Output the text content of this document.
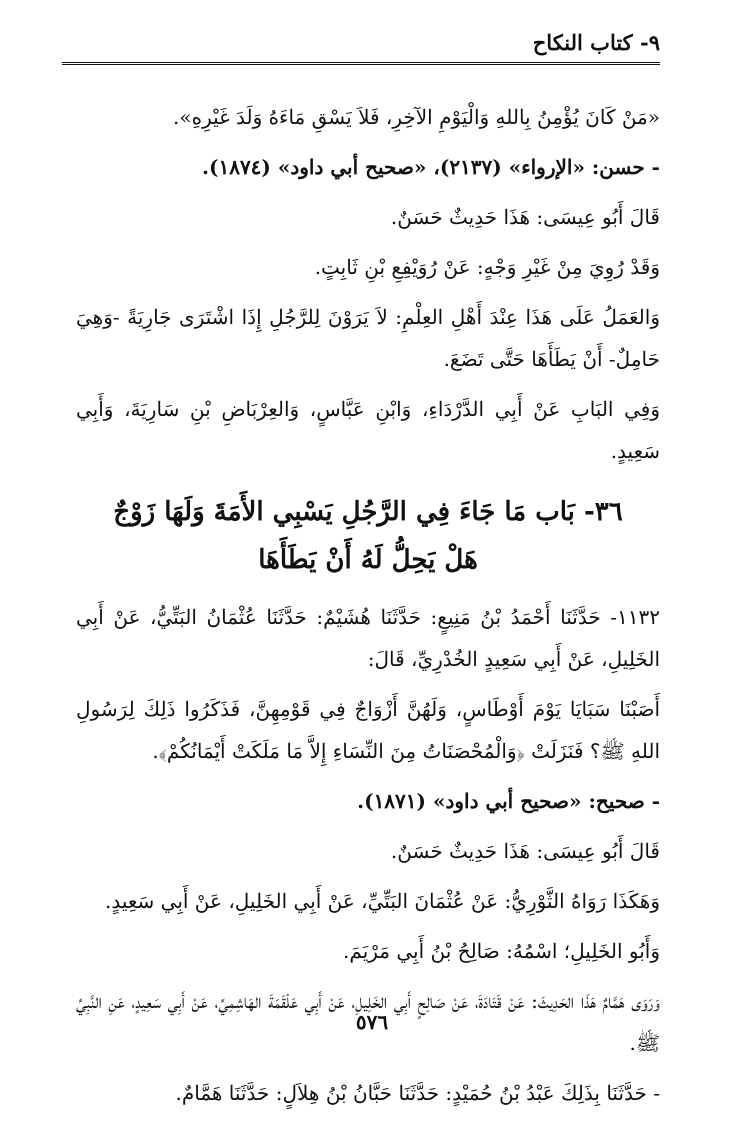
٩- كتاب النكاح

«مَنْ كَانَ يُؤْمِنُ بِاللهِ وَالْيَوْمِ الآخِرِ، فَلاَ يَسْقِ مَاءَهُ وَلَدَ غَيْرِهِ».

- حسن: «الإرواء» (٢١٣٧)، «صحيح أبي داود» (١٨٧٤).

قَالَ أَبُو عِيسَى: هَذَا حَدِيثٌ حَسَنٌ.

وَقَدْ رُوِيَ مِنْ غَيْرِ وَجْهٍ: عَنْ رُوَيْفِعِ بْنِ ثَابِتٍ.

وَالعَمَلُ عَلَى هَذَا عِنْدَ أَهْلِ العِلْمِ: لاَ يَرَوْنَ لِلرَّجُلِ إِذَا اشْتَرَى جَارِيَةً -وَهِيَ حَامِلٌ- أَنْ يَطَأَهَا حَتَّى تَضَعَ.

وَفِي البَابِ عَنْ أَبِي الدَّرْدَاءِ، وَابْنِ عَبَّاسٍ، وَالعِرْبَاضِ بْنِ سَارِيَةَ، وَأَبِي سَعِيدٍ.

٣٦- بَاب مَا جَاءَ فِي الرَّجُلِ يَسْبِي الأَمَةَ وَلَهَا زَوْجٌ
هَلْ يَحِلُّ لَهُ أَنْ يَطَأَهَا

١١٣٢- حَدَّثَنَا أَحْمَدُ بْنُ مَنِيعٍ: حَدَّثَنَا هُشَيْمٌ: حَدَّثَنَا عُثْمَانُ البَتِّيُّ، عَنْ أَبِي الخَلِيلِ، عَنْ أَبِي سَعِيدٍ الخُدْرِيِّ، قَالَ:

أَصَبْنَا سَبَايَا يَوْمَ أَوْطَاسٍ، وَلَهُنَّ أَزْوَاجٌ فِي قَوْمِهِنَّ، فَذَكَرُوا ذَلِكَ لِرَسُولِ اللهِ ﷺ؟ فَنَزَلَتْ ﴿وَالْمُحْصَنَاتُ مِنَ النِّسَاءِ إِلاَّ مَا مَلَكَتْ أَيْمَانُكُمْ﴾.

- صحيح: «صحيح أبي داود» (١٨٧١).

قَالَ أَبُو عِيسَى: هَذَا حَدِيثٌ حَسَنٌ.

وَهَكَذَا رَوَاهُ الثَّوْرِيُّ: عَنْ عُثْمَانَ البَتِّيِّ، عَنْ أَبِي الخَلِيلِ، عَنْ أَبِي سَعِيدٍ.

وَأَبُو الخَلِيلِ؛ اسْمُهُ: صَالِحُ بْنُ أَبِي مَرْيَمَ.

وَرَوَى هَمَّامٌ هَذَا الحَدِيثَ: عَنْ قَتَادَةَ، عَنْ صَالِحٍ أَبِي الخَلِيلِ، عَنْ أَبِي عَلْقَمَةَ الهَاشِمِيِّ، عَنْ أَبِي سَعِيدٍ، عَنِ النَّبِيِّ ﷺ.

- حَدَّثَنَا بِذَلِكَ عَبْدُ بْنُ حُمَيْدٍ: حَدَّثَنَا حَبَّانُ بْنُ هِلاَلٍ: حَدَّثَنَا هَمَّامٌ.

٥٧٦
